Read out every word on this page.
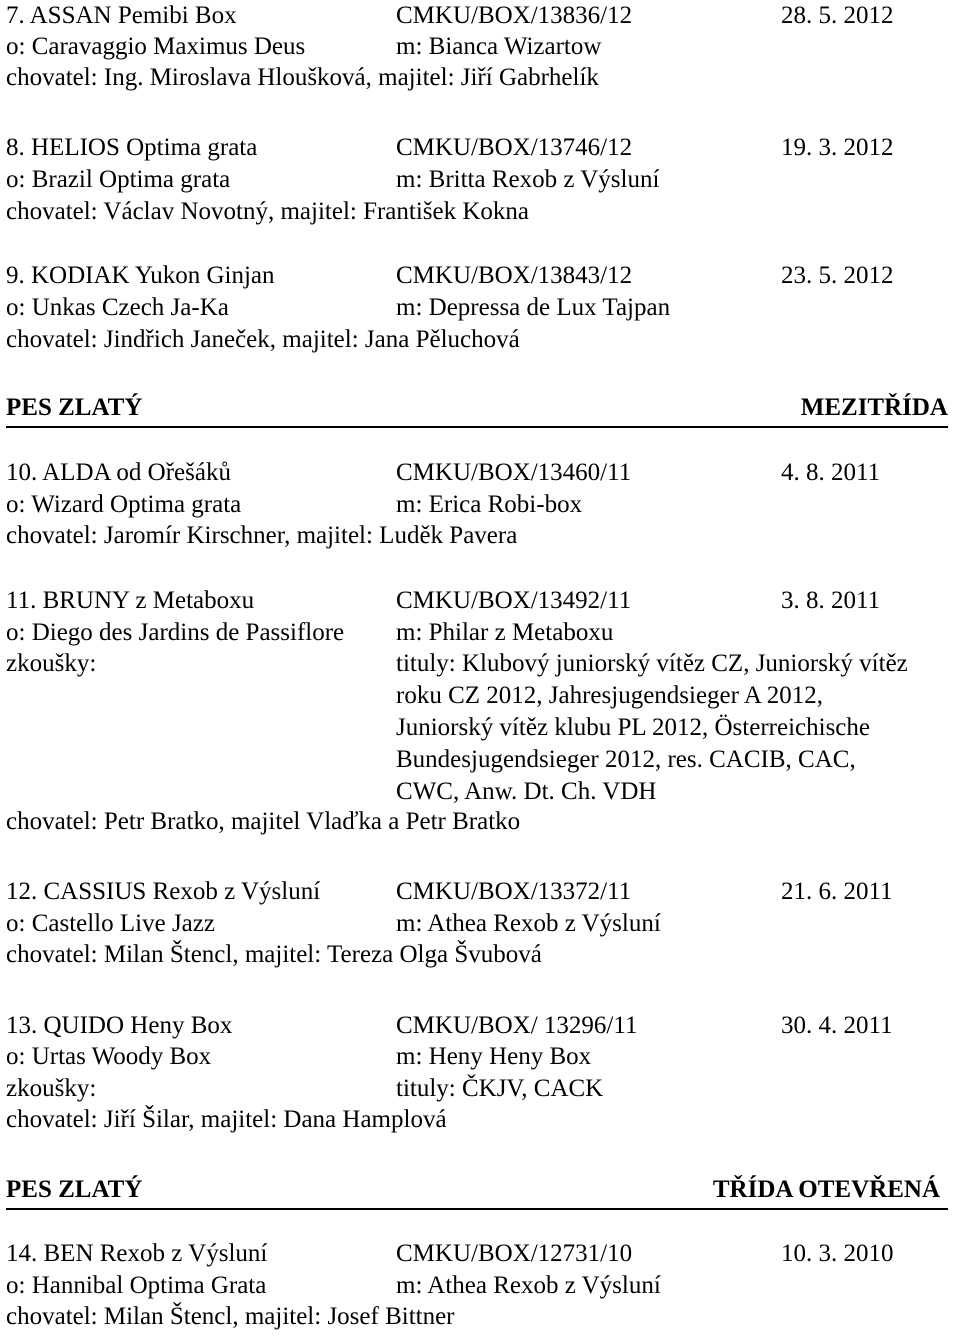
7. ASSAN Pemibi Box	CMKU/BOX/13836/12	28. 5. 2012
o: Caravaggio Maximus Deus	m: Bianca Wizartow
chovatel: Ing. Miroslava Hloušková, majitel: Jiří Gabrhelík
8. HELIOS Optima grata	CMKU/BOX/13746/12	19. 3. 2012
o: Brazil Optima grata	m: Britta Rexob z Výsluní
chovatel: Václav Novotný, majitel: František Kokna
9. KODIAK Yukon Ginjan	CMKU/BOX/13843/12	23. 5. 2012
o: Unkas Czech Ja-Ka	m: Depressa de Lux Tajpan
chovatel: Jindřich Janeček, majitel: Jana Pěluchová
PES ZLATÝ	MEZITŘÍDA
10. ALDA od Ořešáků	CMKU/BOX/13460/11	4. 8. 2011
o: Wizard Optima grata	m: Erica Robi-box
chovatel: Jaromír Kirschner, majitel: Luděk Pavera
11. BRUNY z Metaboxu	CMKU/BOX/13492/11	3. 8. 2011
o: Diego des Jardins de Passiflore m: Philar z Metaboxu
zkoušky:	tituly: Klubový juniorský vítěz CZ, Juniorský vítěz
roku CZ 2012, Jahresjugendsieger A 2012,
Juniorský vítěz klubu PL 2012, Österreichische
Bundesjugendsieger 2012, res. CACIB, CAC,
CWC, Anw. Dt. Ch. VDH
chovatel: Petr Bratko, majitel Vlaďka a Petr Bratko
12. CASSIUS Rexob z Výsluní	CMKU/BOX/13372/11	21. 6. 2011
o: Castello Live Jazz	m: Athea Rexob z Výsluní
chovatel: Milan Štencl, majitel: Tereza Olga Švubová
13. QUIDO Heny Box	CMKU/BOX/ 13296/11	30. 4. 2011
o: Urtas Woody Box	m: Heny Heny Box
zkoušky:	tituly: ČKJV, CACK
chovatel: Jiří Šilar, majitel: Dana Hamplová
PES ZLATÝ	TŘÍDA OTEVŘENÁ
14. BEN Rexob z Výsluní	CMKU/BOX/12731/10	10. 3. 2010
o: Hannibal Optima Grata	m: Athea Rexob z Výsluní
chovatel: Milan Štencl, majitel: Josef Bittner
